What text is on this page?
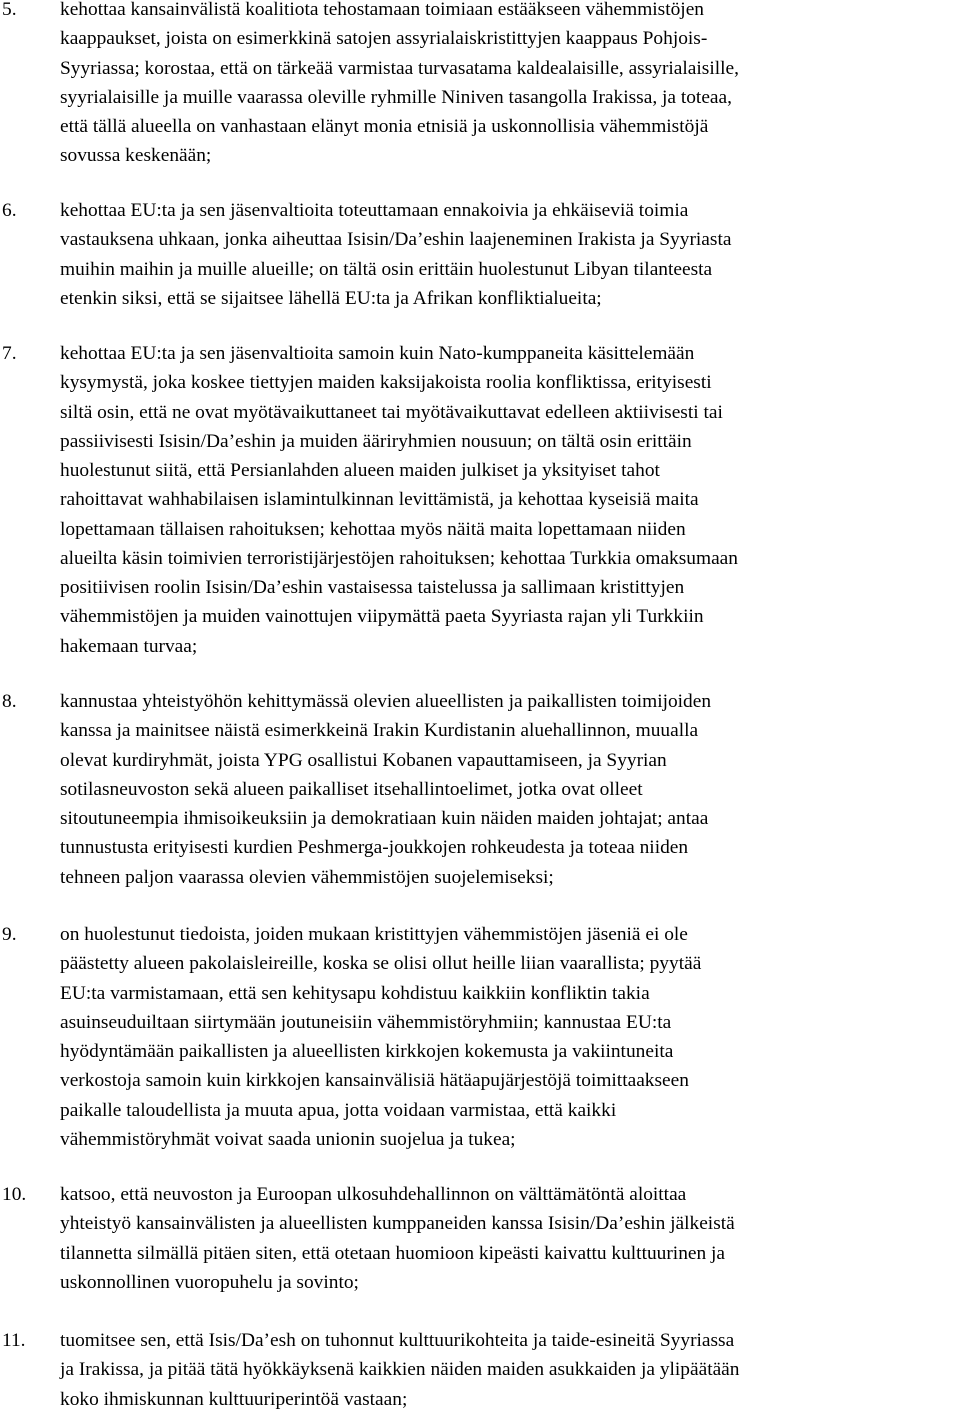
5. kehottaa kansainvälistä koalitiota tehostamaan toimiaan estääkseen vähemmistöjen
kaappaukset, joista on esimerkkinä satojen assyrialaiskristittyjen kaappaus Pohjois-
Syyriassa; korostaa, että on tärkeää varmistaa turvasatama kaldealaisille, assyrialaisille,
syyrialaisille ja muille vaarassa oleville ryhmille Niniven tasangolla Irakissa, ja toteaa,
että tällä alueella on vanhastaan elänyt monia etnisiä ja uskonnollisia vähemmistöjä
sovussa keskenään;
6. kehottaa EU:ta ja sen jäsenvaltioita toteuttamaan ennakoivia ja ehkäiseviä toimia
vastauksena uhkaan, jonka aiheuttaa Isisin/Da’eshin laajeneminen Irakista ja Syyriasta
muihin maihin ja muille alueille; on tältä osin erittäin huolestunut Libyan tilanteesta
etenkin siksi, että se sijaitsee lähellä EU:ta ja Afrikan konfliktialueita;
7. kehottaa EU:ta ja sen jäsenvaltioita samoin kuin Nato-kumppaneita käsittelemään
kysymystä, joka koskee tiettyjen maiden kaksijakoista roolia konfliktissa, erityisesti
siltä osin, että ne ovat myötävaikuttaneet tai myötävaikuttavat edelleen aktiivisesti tai
passiivisesti Isisin/Da’eshin ja muiden ääriryhmien nousuun; on tältä osin erittäin
huolestunut siitä, että Persianlahden alueen maiden julkiset ja yksityiset tahot
rahoittavat wahhabilaisen islamintulkinnan levittämistä, ja kehottaa kyseisiä maita
lopettamaan tällaisen rahoituksen; kehottaa myös näitä maita lopettamaan niiden
alueilta käsin toimivien terroristijärjestöjen rahoituksen; kehottaa Turkkia omaksumaan
positiivisen roolin Isisin/Da’eshin vastaisessa taistelussa ja sallimaan kristittyjen
vähemmistöjen ja muiden vainottujen viipymättä paeta Syyriasta rajan yli Turkkiin
hakemaan turvaa;
8. kannustaa yhteistyöhön kehittymässä olevien alueellisten ja paikallisten toimijoiden
kanssa ja mainitsee näistä esimerkkeinä Irakin Kurdistanin aluehallinnon, muualla
olevat kurdiryhmät, joista YPG osallistui Kobanen vapauttamiseen, ja Syyrian
sotilasneuvoston sekä alueen paikalliset itsehallintoelimet, jotka ovat olleet
sitoutuneempia ihmisoikeuksiin ja demokratiaan kuin näiden maiden johtajat; antaa
tunnustusta erityisesti kurdien Peshmerga-joukkojen rohkeudesta ja toteaa niiden
tehneen paljon vaarassa olevien vähemmistöjen suojelemiseksi;
9. on huolestunut tiedoista, joiden mukaan kristittyjen vähemmistöjen jäseniä ei ole
päästetty alueen pakolaisleireille, koska se olisi ollut heille liian vaarallista; pyytää
EU:ta varmistamaan, että sen kehitysapu kohdistuu kaikkiin konfliktin takia
asuinseuduiltaan siirtymään joutuneisiin vähemmistöryhmiin; kannustaa EU:ta
hyödyntämään paikallisten ja alueellisten kirkkojen kokemusta ja vakiintuneita
verkostoja samoin kuin kirkkojen kansainvälisiä hätäapujärjestöjä toimittaakseen
paikalle taloudellista ja muuta apua, jotta voidaan varmistaa, että kaikki
vähemmistöryhmät voivat saada unionin suojelua ja tukea;
10. katsoo, että neuvoston ja Euroopan ulkosuhdehallinnon on välttämätöntä aloittaa
yhteistyö kansainvälisten ja alueellisten kumppaneiden kanssa Isisin/Da’eshin jälkeistä
tilannetta silmällä pitäen siten, että otetaan huomioon kipeästi kaivattu kulttuurinen ja
uskonnollinen vuoropuhelu ja sovinto;
11. tuomitsee sen, että Isis/Da’esh on tuhonnut kulttuurikohteita ja taide-esineitä Syyriassa
ja Irakissa, ja pitää tätä hyökkäyksenä kaikkien näiden maiden asukkaiden ja ylipäätään
koko ihmiskunnan kulttuuriperintöä vastaan;
